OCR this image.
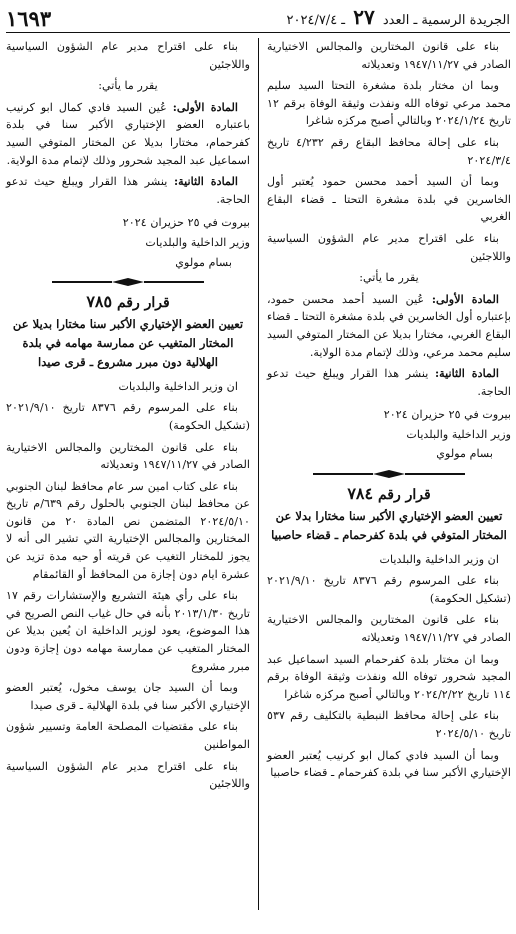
الجريدة الرسمية ـ العدد ٢٧ ـ ٢٠٢٤/٧/٤
١٦٩٣

بناء على قانون المختارين والمجالس الاختيارية الصادر في ١٩٤٧/١١/٢٧ وتعديلاته

وبما ان مختار بلدة مشغرة التحتا السيد سليم محمد مرعي توفاه الله ونفذت وثيقة الوفاة برقم ١٢ تاريخ ٢٠٢٤/١/٢٤ وبالتالي أصبح مركزه شاغرا

بناء على إحالة محافظ البقاع رقم ٤/٢٣٢ تاريخ ٢٠٢٤/٣/٤

وبما أن السيد أحمد محسن حمود يُعتبر أول الخاسرين في بلدة مشغرة التحتا ـ قضاء البقاع الغربي

بناء على اقتراح مدير عام الشؤون السياسية واللاجئين

يقرر ما يأتي:

المادة الأولى: عُين السيد أحمد محسن حمود، بإعتباره أول الخاسرين في بلدة مشغرة التحتا ـ قضاء البقاع الغربي، مختارا بديلا عن المختار المتوفي السيد سليم محمد مرعي، وذلك لإتمام مدة الولاية.

المادة الثانية: ينشر هذا القرار ويبلغ حيث تدعو الحاجة.

بيروت في ٢٥ حزيران ٢٠٢٤

وزير الداخلية والبلديات

بسام مولوي

قرار رقم ٧٨٤

تعيين العضو الإختياري الأكبر سنا مختارا بدلا عن المختار المتوفي في بلدة كفرحمام ـ قضاء حاصبيا

ان وزير الداخلية والبلديات

بناء على المرسوم رقم ٨٣٧٦ تاريخ ٢٠٢١/٩/١٠ (تشكيل الحكومة)

بناء على قانون المختارين والمجالس الاختيارية الصادر في ١٩٤٧/١١/٢٧ وتعديلاته

وبما ان مختار بلدة كفرحمام السيد اسماعيل عبد المجيد شحرور توفاه الله ونفذت وثيقة الوفاة برقم ١١٤ تاريخ ٢٠٢٤/٢/٢٢ وبالتالي أصبح مركزه شاغرا

بناء على إحالة محافظ النبطية بالتكليف رقم ٥٣٧ تاريخ ٢٠٢٤/٥/١٠

وبما أن السيد فادي كمال ابو كرنيب يُعتبر العضو الإختياري الأكبر سنا في بلدة كفرحمام ـ قضاء حاصبيا

بناء على اقتراح مدير عام الشؤون السياسية واللاجئين

يقرر ما يأتي:

المادة الأولى: عُين السيد فادي كمال ابو كرنيب باعتباره العضو الإختياري الأكبر سنا في بلدة كفرحمام، مختارا بديلا عن المختار المتوفي السيد اسماعيل عبد المجيد شحرور وذلك لإتمام مدة الولاية.

المادة الثانية: ينشر هذا القرار ويبلغ حيث تدعو الحاجة.

بيروت في ٢٥ حزيران ٢٠٢٤

وزير الداخلية والبلديات

بسام مولوي

قرار رقم ٧٨٥

تعيين العضو الإختياري الأكبر سنا مختارا بديلا عن المختار المتغيب عن ممارسة مهامه في بلدة الهلالية دون مبرر مشروع ـ قرى صيدا

ان وزير الداخلية والبلديات

بناء على المرسوم رقم ٨٣٧٦ تاريخ ٢٠٢١/٩/١٠ (تشكيل الحكومة)

بناء على قانون المختارين والمجالس الاختيارية الصادر في ١٩٤٧/١١/٢٧ وتعديلاته

بناء على كتاب امين سر عام محافظ لبنان الجنوبي عن محافظ لبنان الجنوبي بالحلول رقم ٦٣٩/م تاريخ ٢٠٢٤/٥/١٠ المتضمن نص المادة ٢٠ من قانون المختارين والمجالس الإختيارية التي تشير الى أنه لا يجوز للمختار التغيب عن قريته أو حيه مدة تزيد عن عشرة ايام دون إجازة من المحافظ أو القائمقام

بناء على رأي هيئة التشريع والإستشارات رقم ١٧ تاريخ ٢٠١٣/١/٣٠ بأنه في حال غياب النص الصريح في هذا الموضوع، يعود لوزير الداخلية ان يُعين بديلا عن المختار المتغيب عن ممارسة مهامه دون إجازة ودون مبرر مشروع

وبما أن السيد جان يوسف مخول، يُعتبر العضو الإختياري الأكبر سنا في بلدة الهلالية ـ قرى صيدا

بناء على مقتضيات المصلحة العامة وتسيير شؤون المواطنين

بناء على اقتراح مدير عام الشؤون السياسية واللاجئين
